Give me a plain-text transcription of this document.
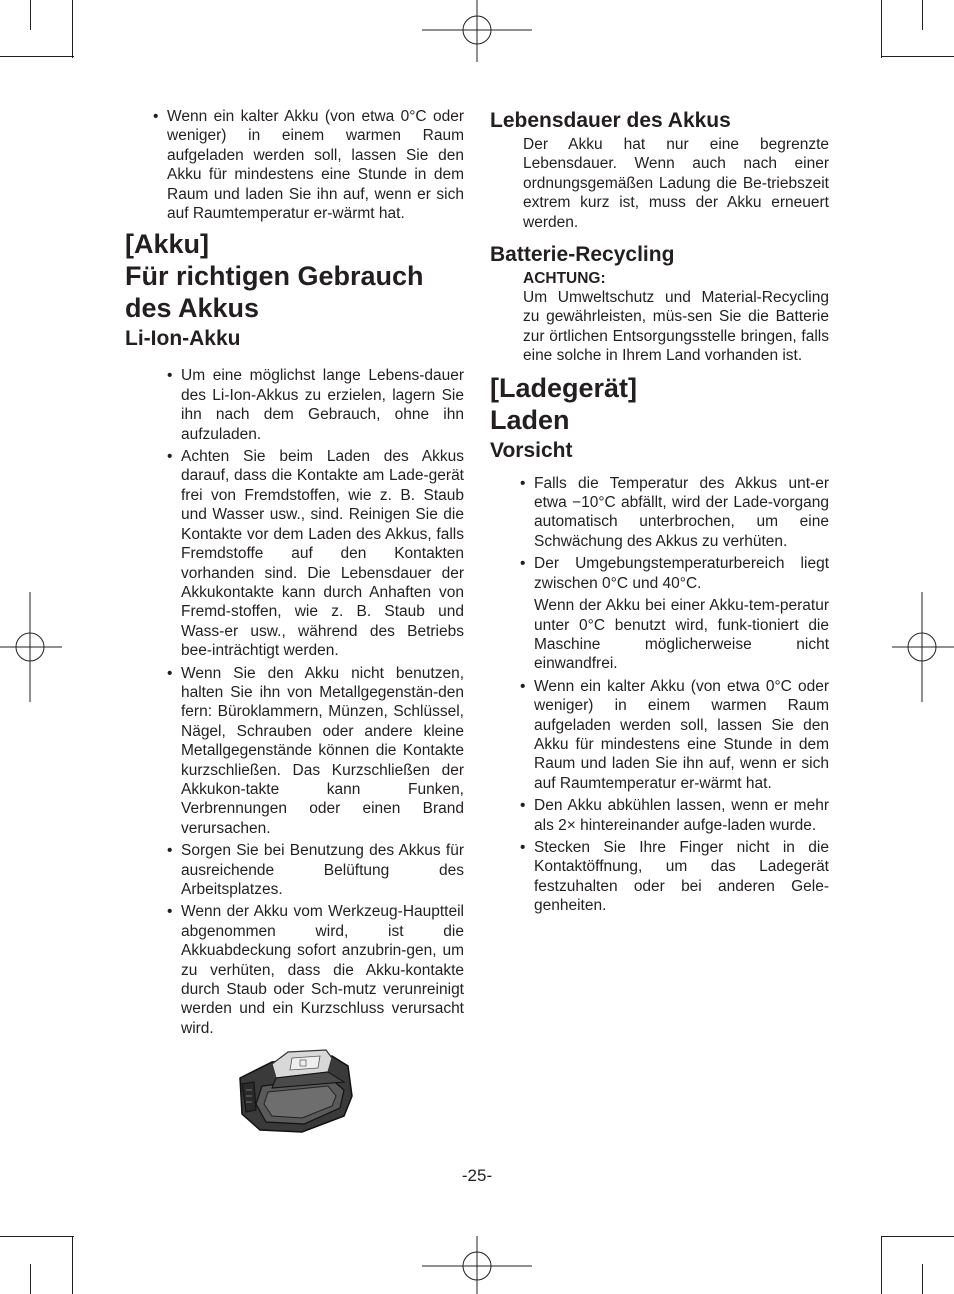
• Wenn ein kalter Akku (von etwa 0°C oder weniger) in einem warmen Raum aufgeladen werden soll, lassen Sie den Akku für mindestens eine Stunde in dem Raum und laden Sie ihn auf, wenn er sich auf Raumtemperatur er-wärmt hat.
[Akku]
Für richtigen Gebrauch
des Akkus
Li-Ion-Akku
• Um eine möglichst lange Lebens-dauer des Li-Ion-Akkus zu erzielen, lagern Sie ihn nach dem Gebrauch, ohne ihn aufzuladen.
• Achten Sie beim Laden des Akkus darauf, dass die Kontakte am Lade-gerät frei von Fremdstoffen, wie z. B. Staub und Wasser usw., sind. Reinigen Sie die Kontakte vor dem Laden des Akkus, falls Fremdstoffe auf den Kontakten vorhanden sind. Die Lebensdauer der Akkukontakte kann durch Anhaften von Fremd-stoffen, wie z. B. Staub und Wass-er usw., während des Betriebs bee-inträchtigt werden.
• Wenn Sie den Akku nicht benutzen, halten Sie ihn von Metallgegenstän-den fern: Büroklammern, Münzen, Schlüssel, Nägel, Schrauben oder andere kleine Metallgegenstände können die Kontakte kurzschließen. Das Kurzschließen der Akkukon-takte kann Funken, Verbrennungen oder einen Brand verursachen.
• Sorgen Sie bei Benutzung des Akkus für ausreichende Belüftung des Arbeitsplatzes.
• Wenn der Akku vom Werkzeug-Hauptteil abgenommen wird, ist die Akkuabdeckung sofort anzubrin-gen, um zu verhüten, dass die Akku-kontakte durch Staub oder Sch-mutz verunreinigt werden und ein Kurzschluss verursacht wird.
Lebensdauer des Akkus
Der Akku hat nur eine begrenzte Lebensdauer. Wenn auch nach einer ordnungsgemäßen Ladung die Be-triebszeit extrem kurz ist, muss der Akku erneuert werden.
Batterie-Recycling
ACHTUNG:
Um Umweltschutz und Material-Recycling zu gewährleisten, müs-sen Sie die Batterie zur örtlichen Entsorgungsstelle bringen, falls eine solche in Ihrem Land vorhanden ist.
[Ladegerät]
Laden
Vorsicht
• Falls die Temperatur des Akkus unt-er etwa −10°C abfällt, wird der Lade-vorgang automatisch unterbrochen, um eine Schwächung des Akkus zu verhüten.
• Der Umgebungstemperaturbereich liegt zwischen 0°C und 40°C.
Wenn der Akku bei einer Akku-tem-peratur unter 0°C benutzt wird, funk-tioniert die Maschine möglicherweise nicht einwandfrei.
• Wenn ein kalter Akku (von etwa 0°C oder weniger) in einem warmen Raum aufgeladen werden soll, lassen Sie den Akku für mindestens eine Stunde in dem Raum und laden Sie ihn auf, wenn er sich auf Raumtemperatur er-wärmt hat.
• Den Akku abkühlen lassen, wenn er mehr als 2× hintereinander aufge-laden wurde.
• Stecken Sie Ihre Finger nicht in die Kontaktöffnung, um das Ladegerät festzuhalten oder bei anderen Gele-genheiten.
-25-
